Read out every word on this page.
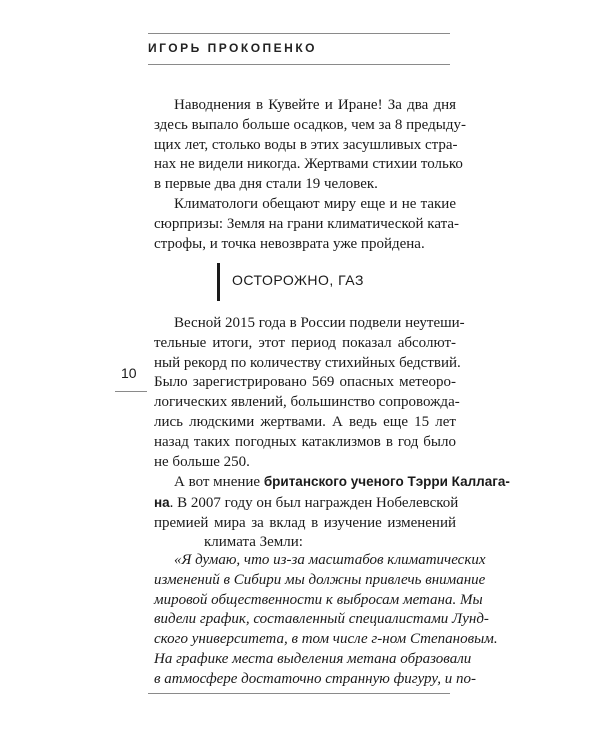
ИГОРЬ ПРОКОПЕНКО
Наводнения в Кувейте и Иране! За два дня
здесь выпало больше осадков, чем за 8 предыду-
щих лет, столько воды в этих засушливых стра-
нах не видели никогда. Жертвами стихии только
в первые два дня стали 19 человек.
Климатологи обещают миру еще и не такие
сюрпризы: Земля на грани климатической ката-
строфы, и точка невозврата уже пройдена.
ОСТОРОЖНО, ГАЗ
Весной 2015 года в России подвели неутеши-
тельные итоги, этот период показал абсолют-
ный рекорд по количеству стихийных бедствий.
Было зарегистрировано 569 опасных метеоро-
логических явлений, большинство сопровожда-
лись людскими жертвами. А ведь еще 15 лет
назад таких погодных катаклизмов в год было
не больше 250.
10
А вот мнение британского ученого Тэрри Каллага-
на. В 2007 году он был награжден Нобелевской
премией мира за вклад в изучение изменений
климата Земли:
«Я думаю, что из-за масштабов климатических
изменений в Сибири мы должны привлечь внимание
мировой общественности к выбросам метана. Мы
видели график, составленный специалистами Лунд-
ского университета, в том числе г-ном Степановым.
На графике места выделения метана образовали
в атмосфере достаточно странную фигуру, и по-
